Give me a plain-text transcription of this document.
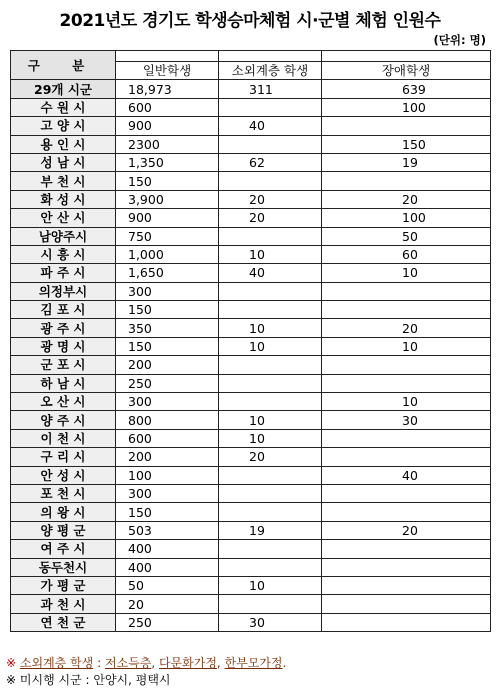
2021년도 경기도 학생승마체험 시·군별 체험 인원수
(단위: 명)
구 분			
	일반학생	소외계층 학생	장애학생
29개 시군	18,973	311	639
수 원 시	600		100
고 양 시	900	40	
용 인 시	2300		150
성 남 시	1,350	62	19
부 천 시	150		
화 성 시	3,900	20	20
안 산 시	900	20	100
남양주시	750		50
시 흥 시	1,000	10	60
파 주 시	1,650	40	10
의정부시	300		
김 포 시	150		
광 주 시	350	10	20
광 명 시	150	10	10
군 포 시	200		
하 남 시	250		
오 산 시	300		10
양 주 시	800	10	30
이 천 시	600	10	
구 리 시	200	20	
안 성 시	100		40
포 천 시	300		
의 왕 시	150		
양 평 군	503	19	20
여 주 시	400		
동두천시	400		
가 평 군	50	10	
과 천 시	20		
연 천 군	250	30	
※ 소외계층 학생 : 저소득층, 다문화가정, 한부모가정.
※ 미시행 시군 : 안양시, 평택시
